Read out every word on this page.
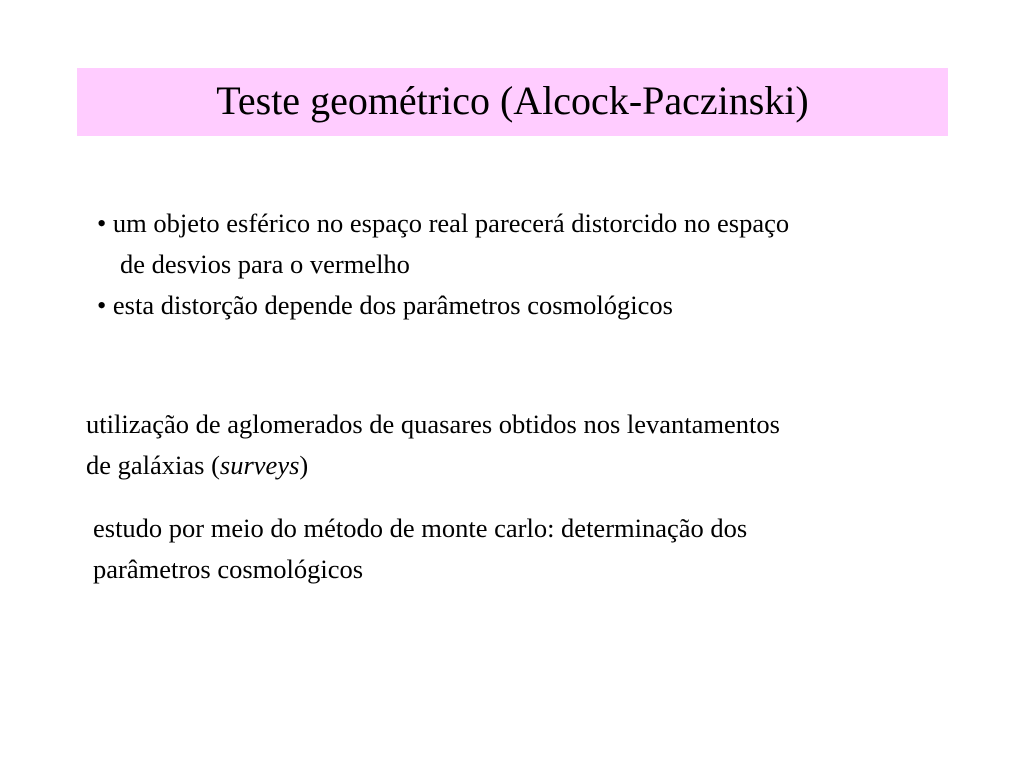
Teste geométrico (Alcock-Paczinski)
• um objeto esférico no espaço real parecerá distorcido no espaço
de desvios para o vermelho
• esta distorção depende dos parâmetros cosmológicos
utilização de aglomerados de quasares obtidos nos levantamentos
de galáxias (surveys)
estudo por meio do método de monte carlo: determinação dos
parâmetros cosmológicos
